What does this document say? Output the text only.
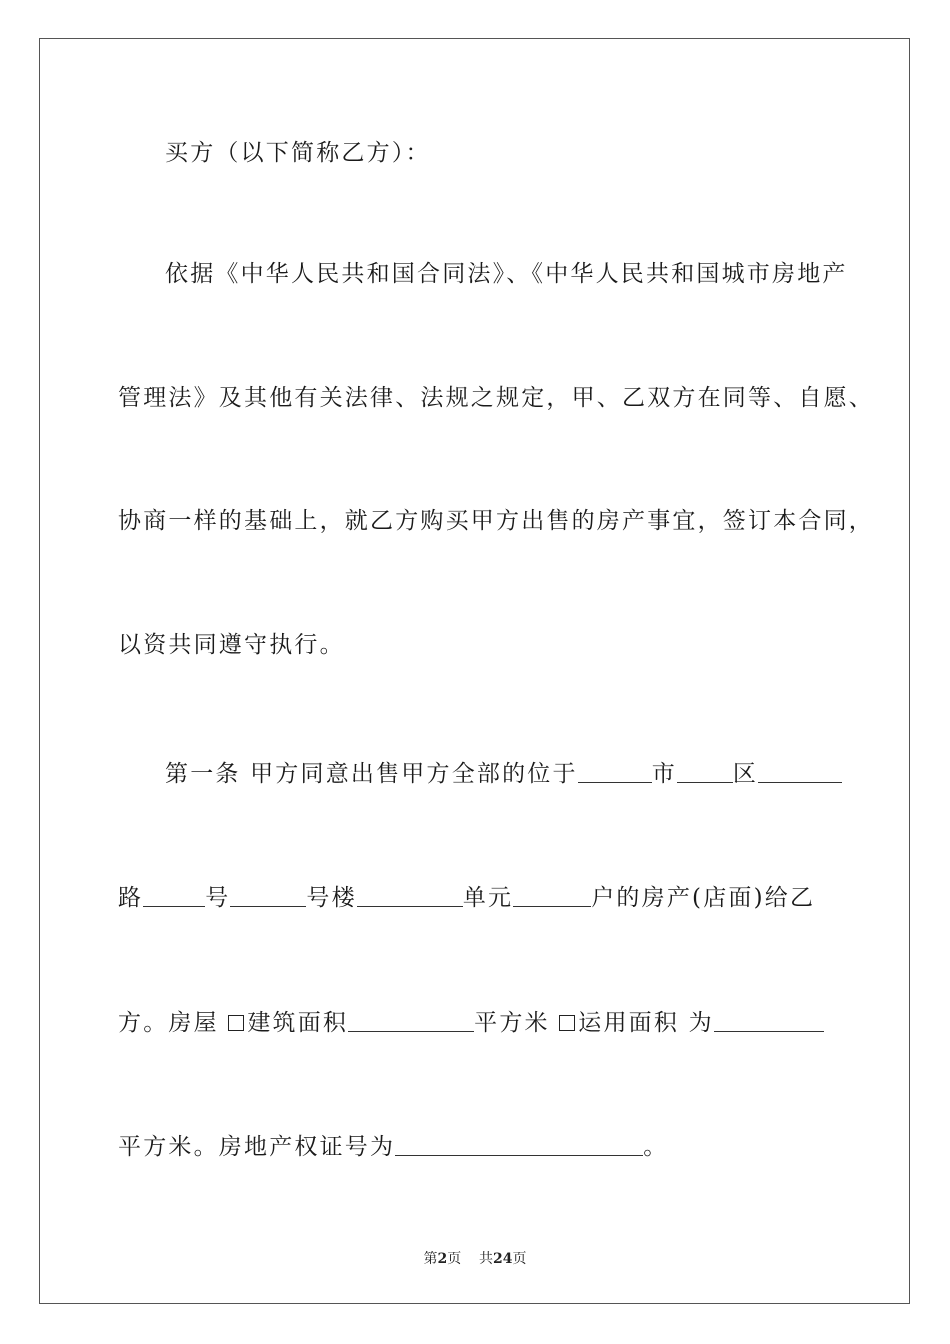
买方（以下简称乙方）：
依据《中华人民共和国合同法》、《中华人民共和国城市房地产
管理法》及其他有关法律、法规之规定，甲、乙双方在同等、自愿、
协商一样的基础上，就乙方购买甲方出售的房产事宜，签订本合同，
以资共同遵守执行。
第一条 甲方同意出售甲方全部的位于	市 区
路	号	号楼	单元	户的房产(店面)给乙
方。房屋 建筑面积	平方米 运用面积 为
平方米。房地产权证号为	。
第2页    共24页
